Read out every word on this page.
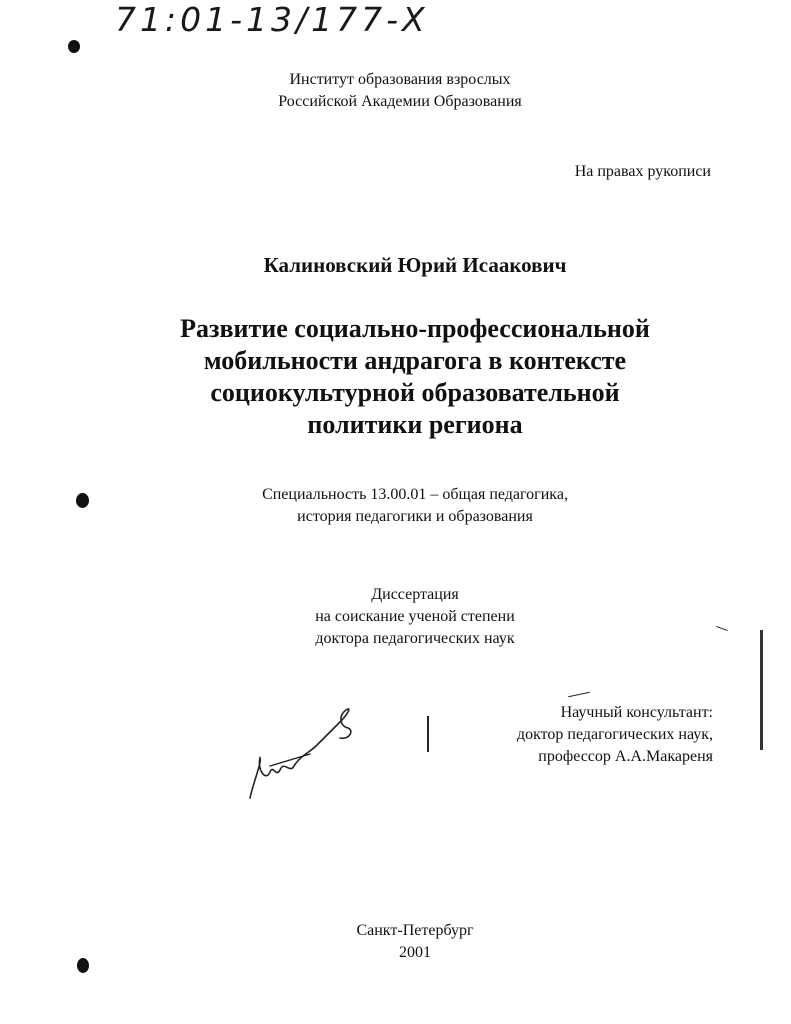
71:01-13/177-Х
Институт образования взрослых
Российской Академии Образования
На правах рукописи
Калиновский Юрий Исаакович
Развитие социально-профессиональной
мобильности андрагога в контексте
социокультурной образовательной
политики региона
Специальность 13.00.01 – общая педагогика,
история педагогики и образования
Диссертация
на соискание ученой степени
доктора педагогических наук
Научный консультант:
доктор педагогических наук,
профессор А.А.Макареня
Санкт-Петербург
2001
